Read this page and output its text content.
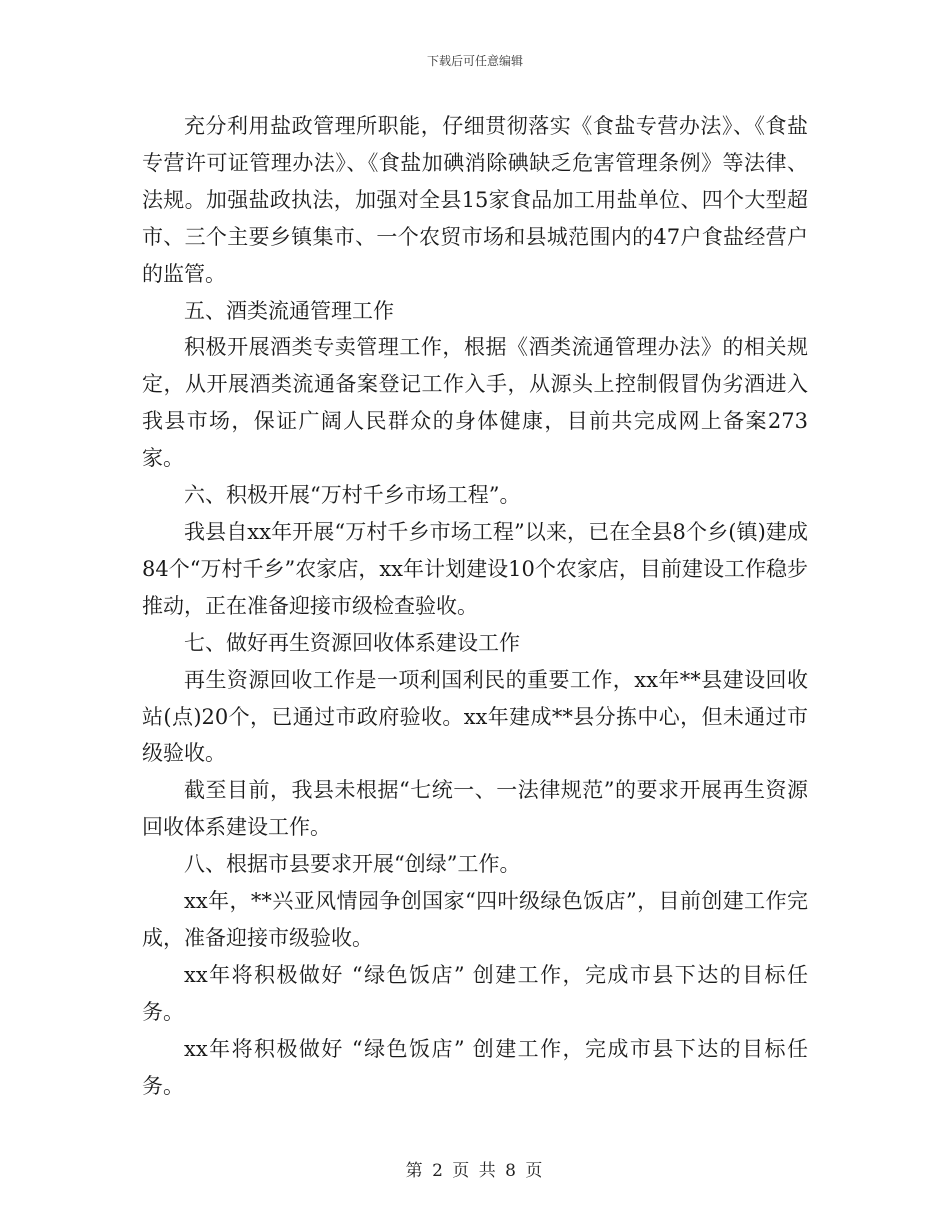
下载后可任意编辑

充分利用盐政管理所职能，仔细贯彻落实《食盐专营办法》、《食盐专营许可证管理办法》、《食盐加碘消除碘缺乏危害管理条例》等法律、法规。加强盐政执法，加强对全县15家食品加工用盐单位、四个大型超市、三个主要乡镇集市、一个农贸市场和县城范围内的47户食盐经营户的监管。

五、酒类流通管理工作

积极开展酒类专卖管理工作，根据《酒类流通管理办法》的相关规定，从开展酒类流通备案登记工作入手，从源头上控制假冒伪劣酒进入我县市场，保证广阔人民群众的身体健康，目前共完成网上备案273家。

六、积极开展“万村千乡市场工程”。

我县自xx年开展“万村千乡市场工程”以来，已在全县8个乡(镇)建成84个“万村千乡”农家店，xx年计划建设10个农家店，目前建设工作稳步推动，正在准备迎接市级检查验收。

七、做好再生资源回收体系建设工作

再生资源回收工作是一项利国利民的重要工作，xx年**县建设回收站(点)20个，已通过市政府验收。xx年建成**县分拣中心，但未通过市级验收。

截至目前，我县未根据“七统一、一法律规范”的要求开展再生资源回收体系建设工作。

八、根据市县要求开展“创绿”工作。

xx年，**兴亚风情园争创国家“四叶级绿色饭店”，目前创建工作完成，准备迎接市级验收。

xx年将积极做好 “绿色饭店” 创建工作，完成市县下达的目标任务。

xx年将积极做好 “绿色饭店” 创建工作，完成市县下达的目标任务。

第 2 页 共 8 页
